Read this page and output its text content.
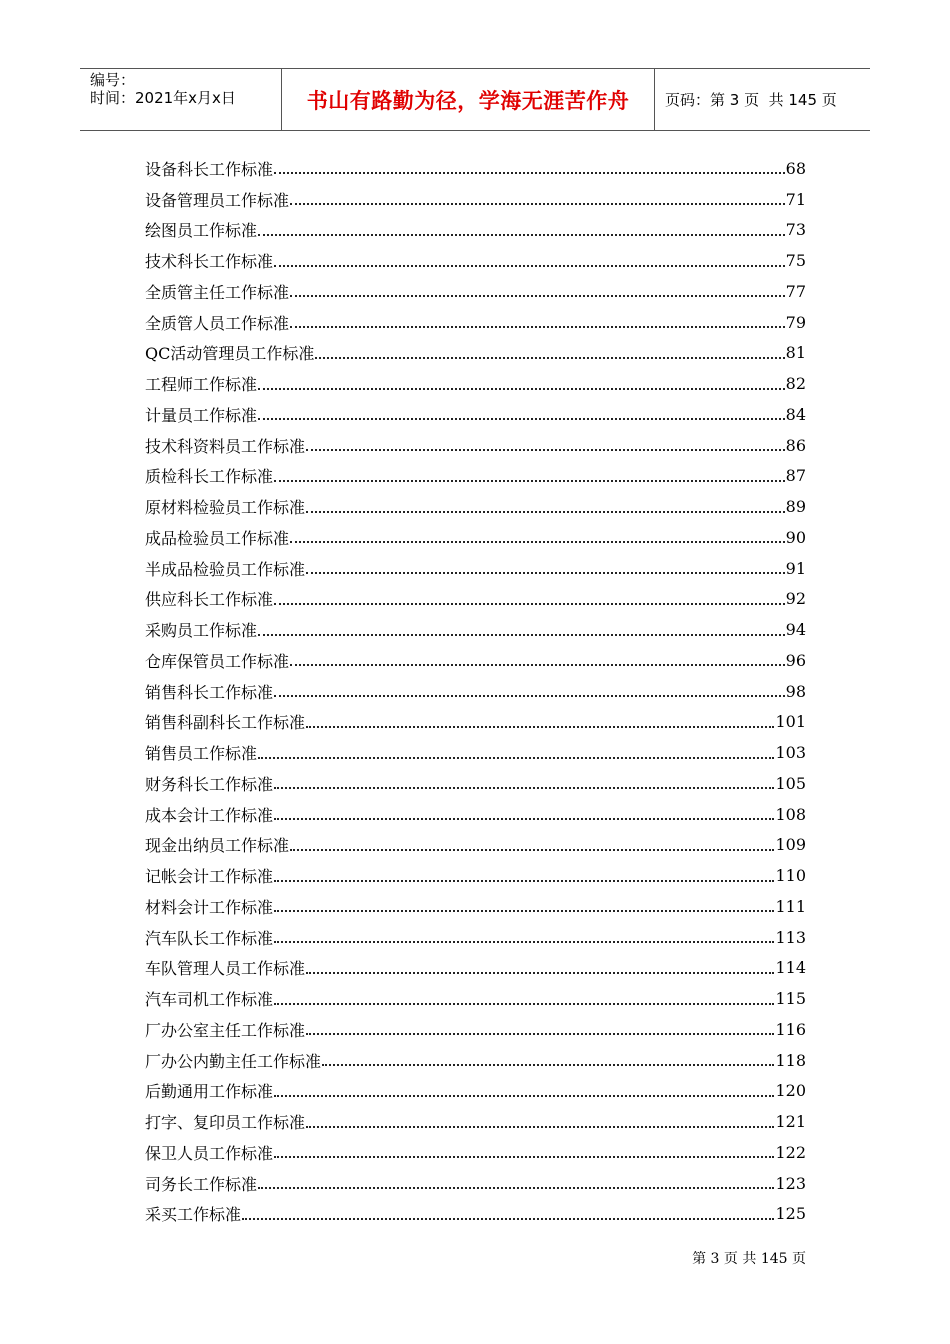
编号：
时间：2021年x月x日	书山有路勤为径，学海无涯苦作舟 页码：第 3 页  共 145 页
设备科长工作标准	68
设备管理员工作标准	71
绘图员工作标准	73
技术科长工作标准	75
全质管主任工作标准	77
全质管人员工作标准	79
QC活动管理员工作标准	81
工程师工作标准	82
计量员工作标准	84
技术科资料员工作标准	86
质检科长工作标准	87
原材料检验员工作标准	89
成品检验员工作标准	90
半成品检验员工作标准	91
供应科长工作标准	92
采购员工作标准	94
仓库保管员工作标准	96
销售科长工作标准	98
销售科副科长工作标准	101
销售员工作标准	103
财务科长工作标准	105
成本会计工作标准	108
现金出纳员工作标准	109
记帐会计工作标准	110
材料会计工作标准	111
汽车队长工作标准	113
车队管理人员工作标准	114
汽车司机工作标准	115
厂办公室主任工作标准	116
厂办公内勤主任工作标准	118
后勤通用工作标准	120
打字、复印员工作标准	121
保卫人员工作标准	122
司务长工作标准	123
采买工作标准	125
第 3 页 共 145 页
